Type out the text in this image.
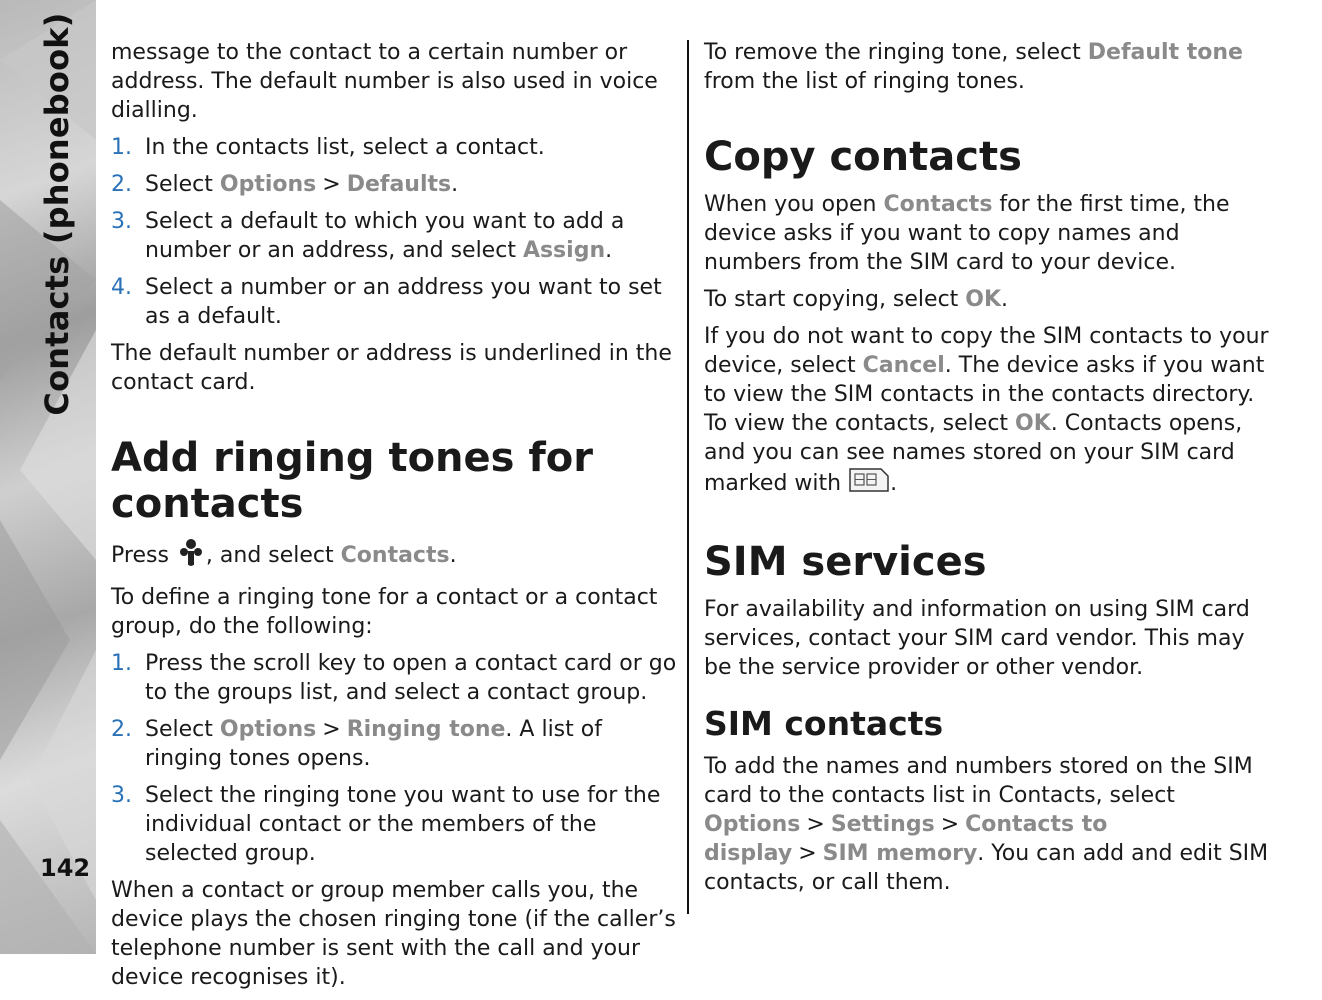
Contacts (phonebook)
142

message to the contact to a certain number or address. The default number is also used in voice dialling.

1. In the contacts list, select a contact.
2. Select Options > Defaults.
3. Select a default to which you want to add a number or an address, and select Assign.
4. Select a number or an address you want to set as a default.

The default number or address is underlined in the contact card.

Add ringing tones for contacts

Press , and select Contacts.

To define a ringing tone for a contact or a contact group, do the following:

1. Press the scroll key to open a contact card or go to the groups list, and select a contact group.
2. Select Options > Ringing tone. A list of ringing tones opens.
3. Select the ringing tone you want to use for the individual contact or the members of the selected group.

When a contact or group member calls you, the device plays the chosen ringing tone (if the caller’s telephone number is sent with the call and your device recognises it).

To remove the ringing tone, select Default tone from the list of ringing tones.

Copy contacts

When you open Contacts for the first time, the device asks if you want to copy names and numbers from the SIM card to your device.

To start copying, select OK.

If you do not want to copy the SIM contacts to your device, select Cancel. The device asks if you want to view the SIM contacts in the contacts directory. To view the contacts, select OK. Contacts opens, and you can see names stored on your SIM card marked with .

SIM services

For availability and information on using SIM card services, contact your SIM card vendor. This may be the service provider or other vendor.

SIM contacts

To add the names and numbers stored on the SIM card to the contacts list in Contacts, select Options > Settings > Contacts to display > SIM memory. You can add and edit SIM contacts, or call them.
